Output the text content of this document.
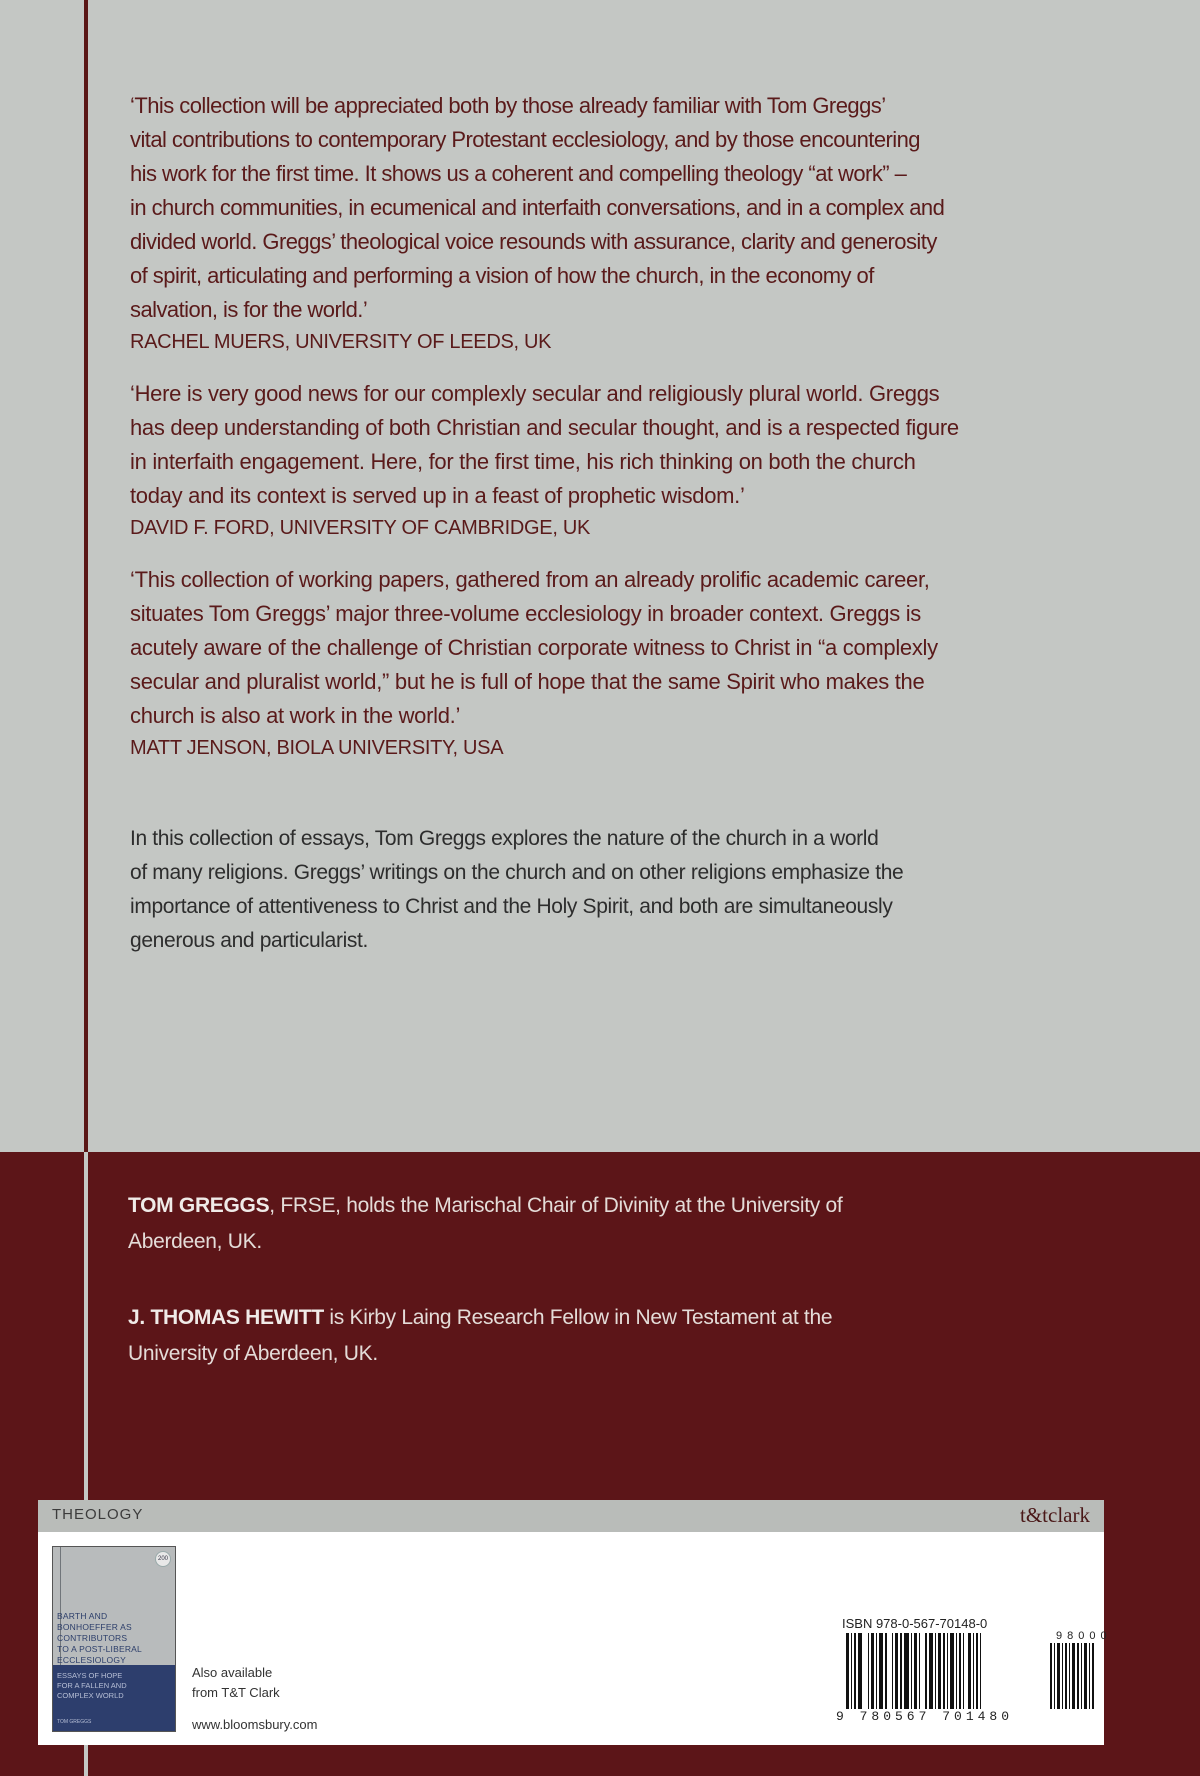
‘This collection will be appreciated both by those already familiar with Tom Greggs’
vital contributions to contemporary Protestant ecclesiology, and by those encountering
his work for the first time. It shows us a coherent and compelling theology “at work” –
in church communities, in ecumenical and interfaith conversations, and in a complex and
divided world. Greggs’ theological voice resounds with assurance, clarity and generosity
of spirit, articulating and performing a vision of how the church, in the economy of
salvation, is for the world.’

RACHEL MUERS, UNIVERSITY OF LEEDS, UK

‘Here is very good news for our complexly secular and religiously plural world. Greggs
has deep understanding of both Christian and secular thought, and is a respected figure
in interfaith engagement. Here, for the first time, his rich thinking on both the church
today and its context is served up in a feast of prophetic wisdom.’

DAVID F. FORD, UNIVERSITY OF CAMBRIDGE, UK

‘This collection of working papers, gathered from an already prolific academic career,
situates Tom Greggs’ major three-volume ecclesiology in broader context. Greggs is
acutely aware of the challenge of Christian corporate witness to Christ in “a complexly
secular and pluralist world,” but he is full of hope that the same Spirit who makes the
church is also at work in the world.’

MATT JENSON, BIOLA UNIVERSITY, USA

In this collection of essays, Tom Greggs explores the nature of the church in a world
of many religions. Greggs’ writings on the church and on other religions emphasize the
importance of attentiveness to Christ and the Holy Spirit, and both are simultaneously
generous and particularist.

TOM GREGGS, FRSE, holds the Marischal Chair of Divinity at the University of
Aberdeen, UK.

J. THOMAS HEWITT is Kirby Laing Research Fellow in New Testament at the
University of Aberdeen, UK.

THEOLOGY	t&tclark
200
BARTH AND
BONHOEFFER AS
CONTRIBUTORS
TO A POST-LIBERAL
ECCLESIOLOGY
ESSAYS OF HOPE
FOR A FALLEN AND
COMPLEX WORLD
TOM GREGGS
Also available
from T&T Clark
www.bloomsbury.com
ISBN 978-0-567-70148-0
98000
9 780567 701480
